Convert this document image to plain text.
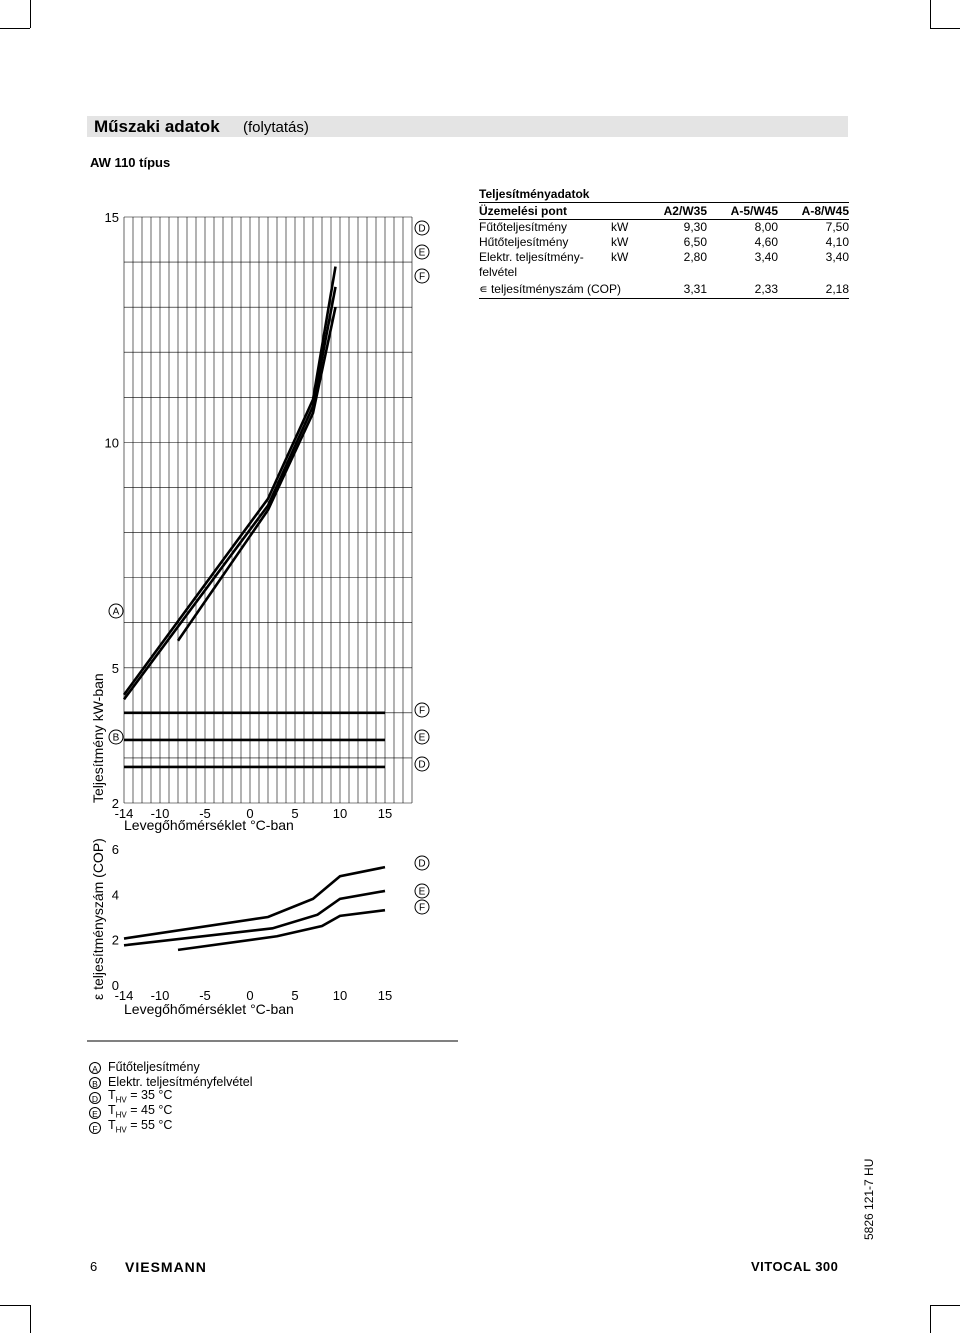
Műszaki adatok (folytatás)
AW 110 típus
Teljesítményadatok
Üzemelési pont	A2/W35	A-5/W45	A-8/W45
Fűtőteljesítmény	kW	9,30	8,00	7,50
Hűtőteljesítmény	kW	6,50	4,60	4,10
Elektr. teljesítmény-
felvétel
kW	2,80	3,40	3,40
∊ teljesítményszám (COP)	3,31	2,33	2,18
15
10
5
2
-14 -10 -5	0	5	10 15
Levegőhőmérséklet °C-ban
Teljesítmény kW-ban
A
B
D
E
F
F
E
D
6
4
2
0
-14 -10 -5	0	5	10 15
Levegőhőmérséklet °C-ban
ε teljesítményszám (COP)	D
E
F
A Fűtőteljesítmény
B Elektr. teljesítményfelvétel
D $T_{HV} = 35$ °C
E $T_{HV} = 45$ °C
F $T_{HV} = 55$ °C
5826 121-7 HU
6 VIESMANN	VITOCAL 300
